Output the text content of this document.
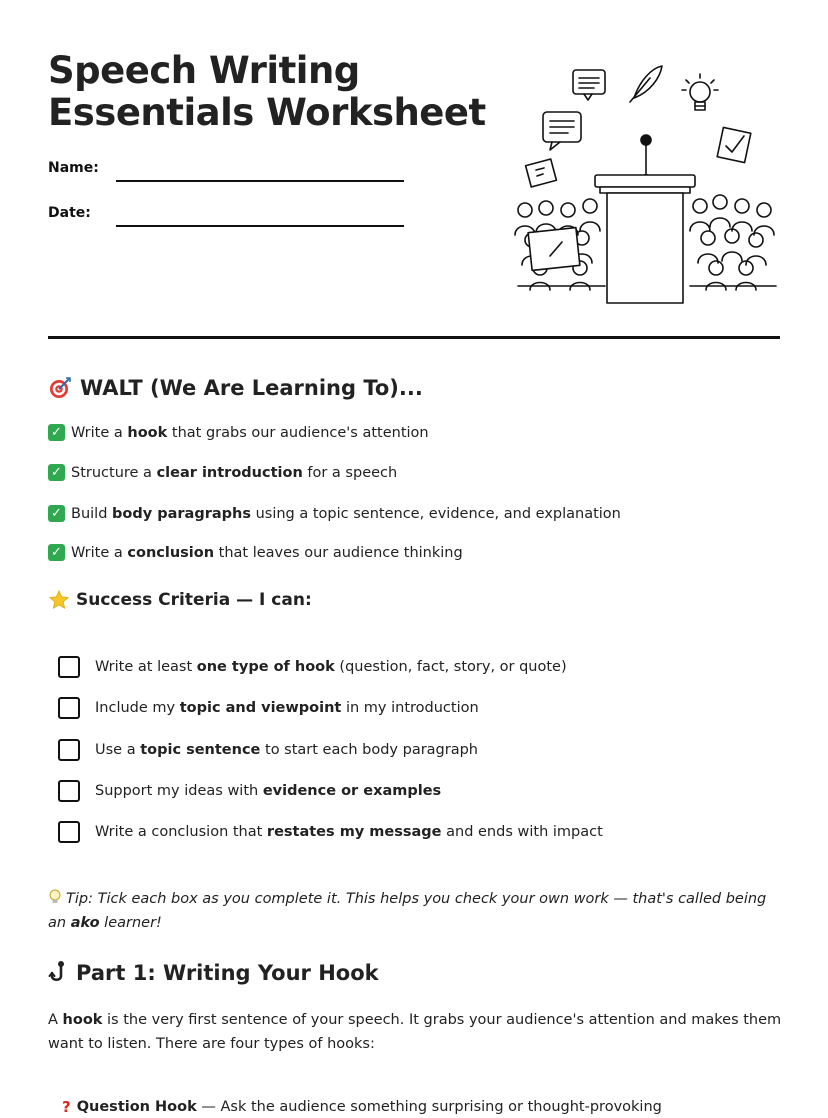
Speech Writing
Essentials Worksheet
Name:
Date:
WALT (We Are Learning To)...
✓ Write a hook that grabs our audience's attention
✓ Structure a clear introduction for a speech
✓ Build body paragraphs using a topic sentence, evidence, and explanation
✓ Write a conclusion that leaves our audience thinking
Success Criteria — I can:
Write at least one type of hook (question, fact, story, or quote)
Include my topic and viewpoint in my introduction
Use a topic sentence to start each body paragraph
Support my ideas with evidence or examples
Write a conclusion that restates my message and ends with impact

Tip: Tick each box as you complete it. This helps you check your own work — that's called being an ako learner!

Part 1: Writing Your Hook

A hook is the very first sentence of your speech. It grabs your audience's attention and makes them want to listen. There are four types of hooks:

? Question Hook — Ask the audience something surprising or thought-provoking
